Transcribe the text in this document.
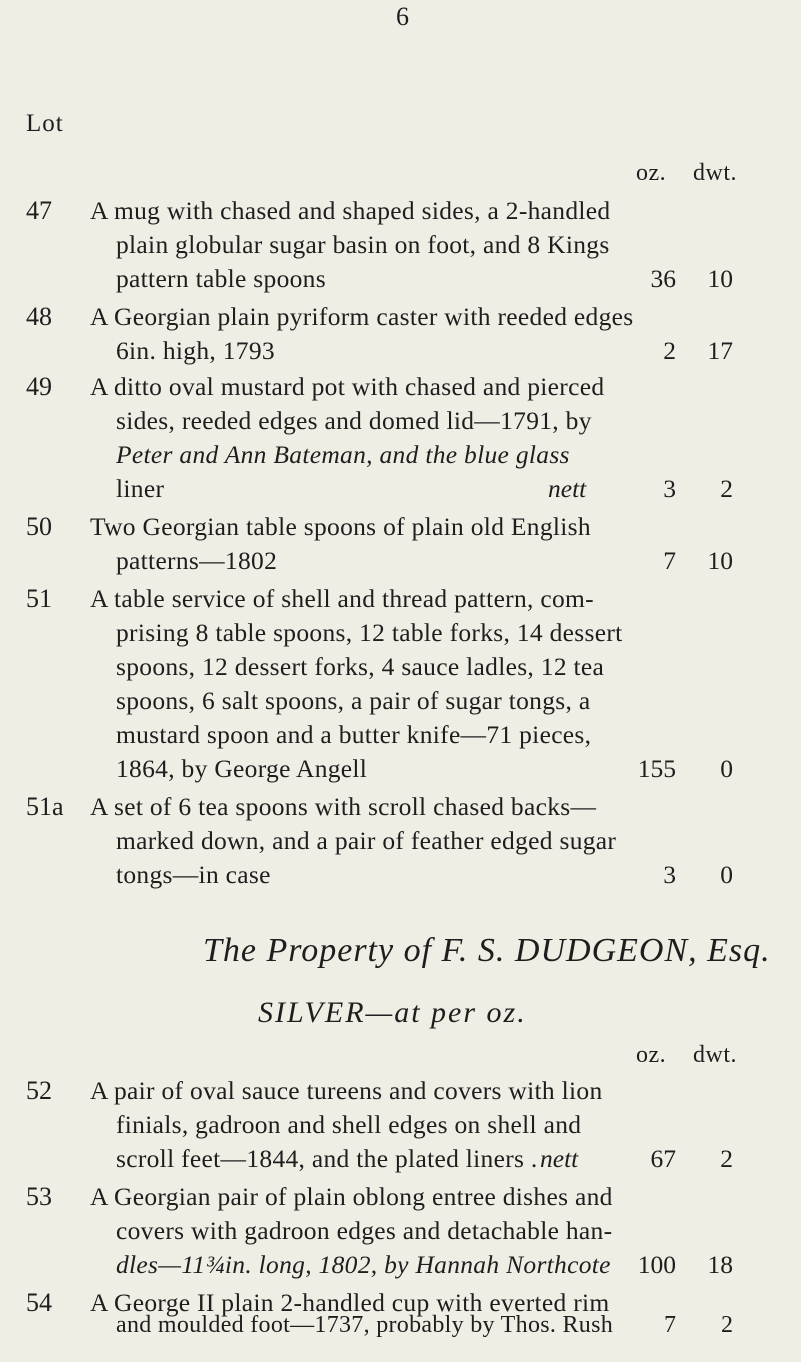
6
Lot
oz. dwt.
47	A mug with chased and shaped sides, a 2-handled
plain globular sugar basin on foot, and 8 Kings
pattern table spoons	36	10
48	A Georgian plain pyriform caster with reeded edges
6in. high, 1793	2	17
49	A ditto oval mustard pot with chased and pierced
sides, reeded edges and domed lid—1791, by
Peter and Ann Bateman, and the blue glass
liner	nett	3	2
50	Two Georgian table spoons of plain old English
patterns—1802	7	10
51	A table service of shell and thread pattern, com-
prising 8 table spoons, 12 table forks, 14 dessert
spoons, 12 dessert forks, 4 sauce ladles, 12 tea
spoons, 6 salt spoons, a pair of sugar tongs, a
mustard spoon and a butter knife—71 pieces,
1864, by George Angell	155	0
51a	A set of 6 tea spoons with scroll chased backs—
marked down, and a pair of feather edged sugar
tongs—in case	3	0
The Property of F. S. DUDGEON, Esq.
SILVER—at per oz.
oz. dwt.
52	A pair of oval sauce tureens and covers with lion
finials, gadroon and shell edges on shell and
scroll feet—1844, and the plated liners . nett	67	2
53	A Georgian pair of plain oblong entree dishes and
covers with gadroon edges and detachable han-
dles—11¾in. long, 1802, by Hannah Northcote	100	18
54	A George II plain 2-handled cup with everted rim
and moulded foot—1737, probably by Thos. Rush	7	2
